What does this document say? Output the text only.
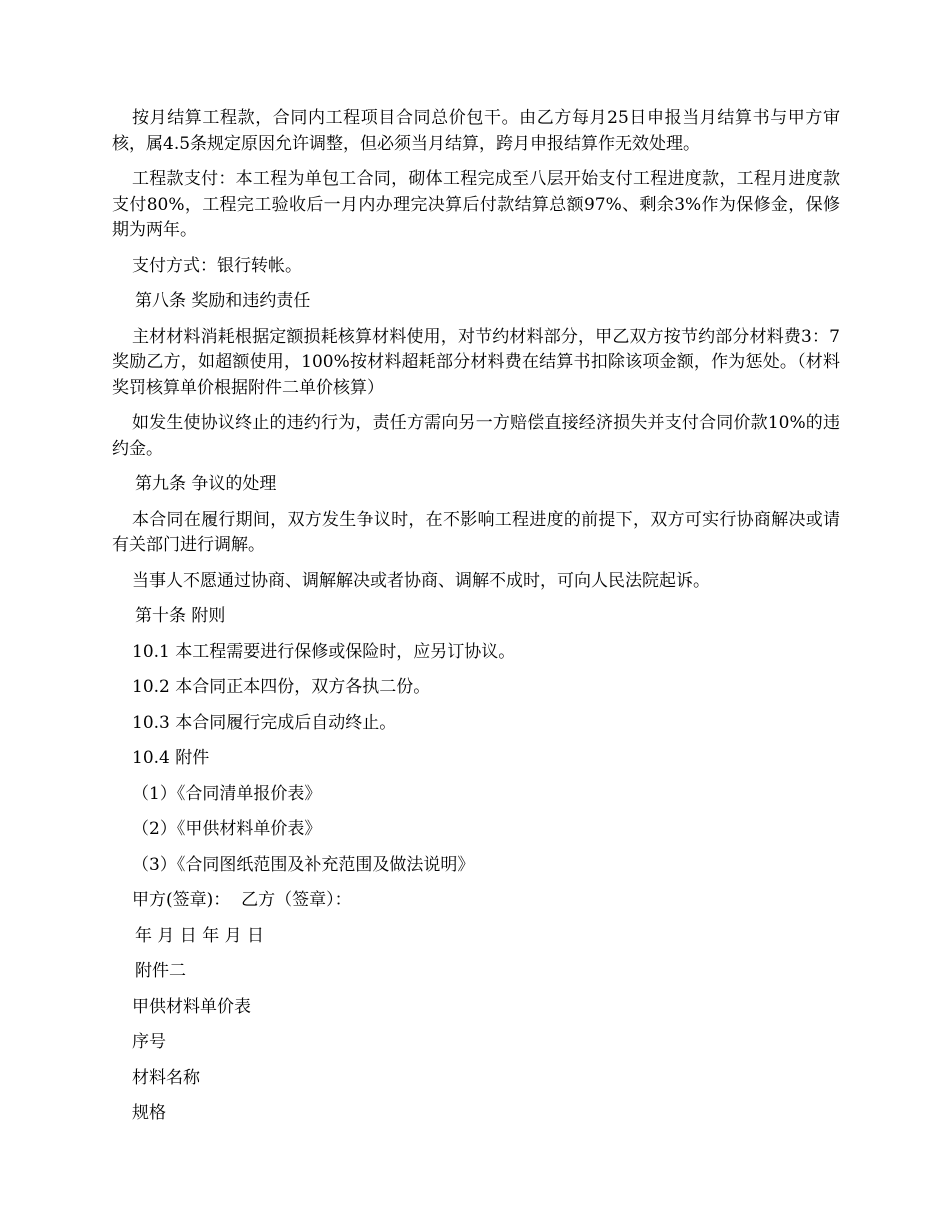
按月结算工程款，合同内工程项目合同总价包干。由乙方每月25日申报当月结算书与甲方审核，属4.5条规定原因允许调整，但必须当月结算，跨月申报结算作无效处理。

工程款支付：本工程为单包工合同，砌体工程完成至八层开始支付工程进度款，工程月进度款支付80%，工程完工验收后一月内办理完决算后付款结算总额97%、剩余3%作为保修金，保修期为两年。

支付方式：银行转帐。

第八条 奖励和违约责任

主材材料消耗根据定额损耗核算材料使用，对节约材料部分，甲乙双方按节约部分材料费3：7奖励乙方，如超额使用，100%按材料超耗部分材料费在结算书扣除该项金额，作为惩处。（材料奖罚核算单价根据附件二单价核算）

如发生使协议终止的违约行为，责任方需向另一方赔偿直接经济损失并支付合同价款10%的违约金。

第九条 争议的处理

本合同在履行期间，双方发生争议时，在不影响工程进度的前提下，双方可实行协商解决或请有关部门进行调解。

当事人不愿通过协商、调解解决或者协商、调解不成时，可向人民法院起诉。

第十条 附则

10.1 本工程需要进行保修或保险时，应另订协议。

10.2 本合同正本四份，双方各执二份。

10.3 本合同履行完成后自动终止。

10.4 附件

（1）《合同清单报价表》

（2）《甲供材料单价表》

（3）《合同图纸范围及补充范围及做法说明》

甲方(签章)：  乙方（签章）：

年 月 日 年 月 日

附件二

甲供材料单价表

序号

材料名称

规格
